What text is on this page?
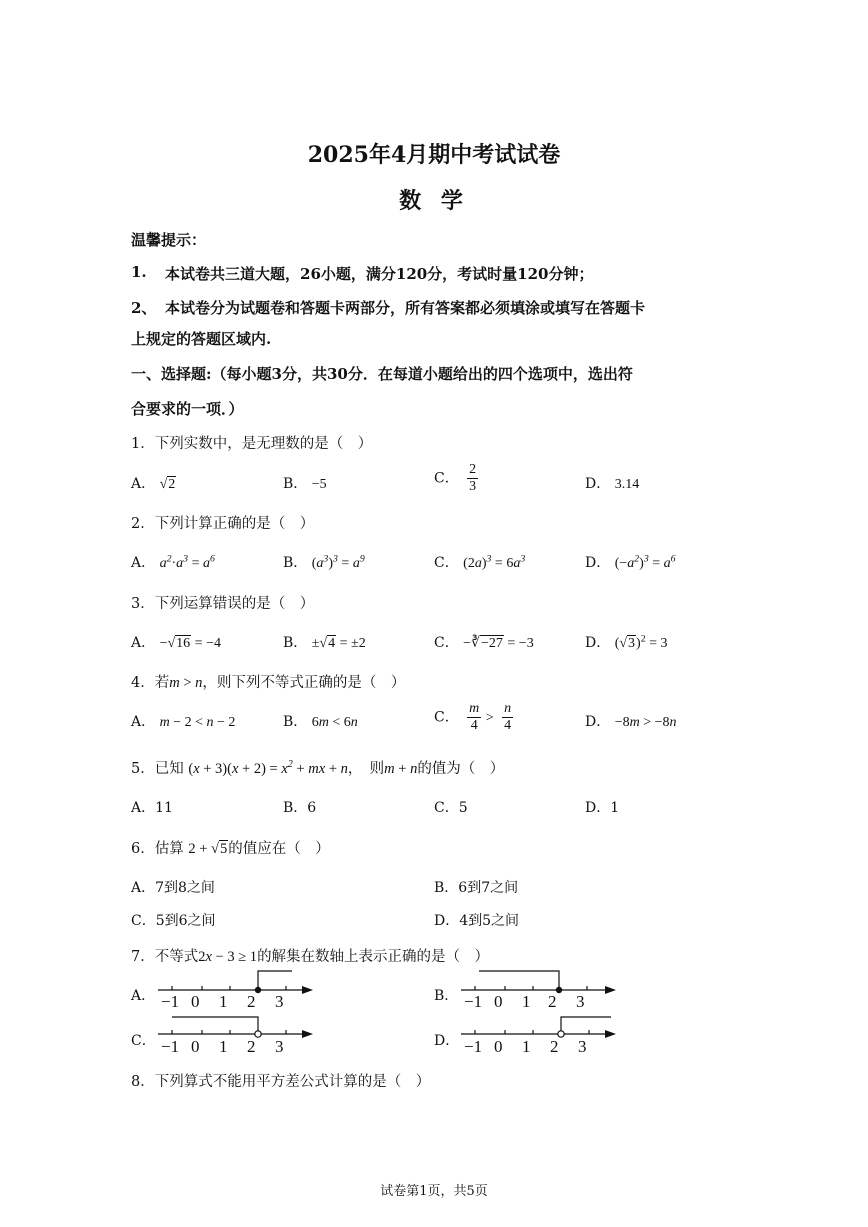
2025年4月期中考试试卷
数 学
温馨提示：
1. 本试卷共三道大题，26小题，满分120分，考试时量120分钟；
2、 本试卷分为试题卷和答题卡两部分，所有答案都必须填涂或填写在答题卡
上规定的答题区域内.
一、选择题:（每小题3分，共30分．在每道小题给出的四个选项中，选出符
合要求的一项．）
1．下列实数中，是无理数的是（　）
A． √2	B． −5	C． $\frac{2}{3}$	D． 3.14
2．下列计算正确的是（　）
A． $a^2\cdot a^3 = a^6$	B． $(a^3)^3 = a^9$	C． $(2a)^3 = 6a^3$	D． $(-a^2)^3 = a^6$
3．下列运算错误的是（　）
A． −√16 = −4	B． ±√4 = ±2	C． −∛−27 = −3	D． $(√3)^2 = 3$
4．若m > n，则下列不等式正确的是（　）
A． m − 2 < n − 2	B． 6m < 6n	C． $\frac{m}{4} > \frac{n}{4}$	D． −8m > −8n
5．已知 $(x + 3)(x + 2) = x^2$ + mx + n，　则m + n的值为（　）
A．11	B．6	C．5	D．1
6．估算 2 + √5的值应在（　）
A．7到8之间	B．6到7之间
C．5到6之间	D．4到5之间
7．不等式2x − 3 ≥ 1的解集在数轴上表示正确的是（　）
A．	B．
C．	D．
−1 0 1 2 3	−1 0 1 2 3
−1 0 1 2 3	−1 0 1 2 3
8．下列算式不能用平方差公式计算的是（　）
试卷第1页，共5页
